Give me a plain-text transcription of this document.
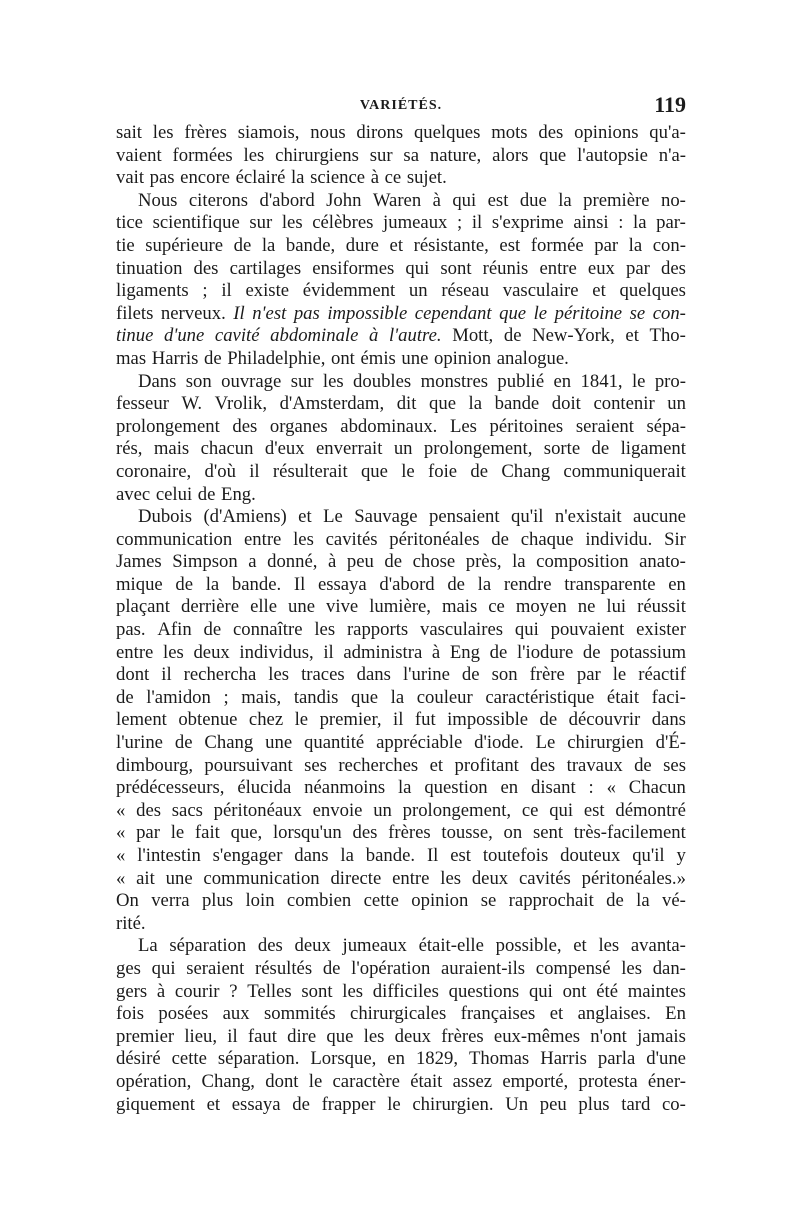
VARIÉTÉS.	119
sait les frères siamois, nous dirons quelques mots des opinions qu'a-
vaient formées les chirurgiens sur sa nature, alors que l'autopsie n'a-
vait pas encore éclairé la science à ce sujet.
Nous citerons d'abord John Waren à qui est due la première no-
tice scientifique sur les célèbres jumeaux ; il s'exprime ainsi : la par-
tie supérieure de la bande, dure et résistante, est formée par la con-
tinuation des cartilages ensiformes qui sont réunis entre eux par des
ligaments ; il existe évidemment un réseau vasculaire et quelques
filets nerveux. Il n'est pas impossible cependant que le péritoine se con-
tinue d'une cavité abdominale à l'autre. Mott, de New-York, et Tho-
mas Harris de Philadelphie, ont émis une opinion analogue.
Dans son ouvrage sur les doubles monstres publié en 1841, le pro-
fesseur W. Vrolik, d'Amsterdam, dit que la bande doit contenir un
prolongement des organes abdominaux. Les péritoines seraient sépa-
rés, mais chacun d'eux enverrait un prolongement, sorte de ligament
coronaire, d'où il résulterait que le foie de Chang communiquerait
avec celui de Eng.
Dubois (d'Amiens) et Le Sauvage pensaient qu'il n'existait aucune
communication entre les cavités péritonéales de chaque individu. Sir
James Simpson a donné, à peu de chose près, la composition anato-
mique de la bande. Il essaya d'abord de la rendre transparente en
plaçant derrière elle une vive lumière, mais ce moyen ne lui réussit
pas. Afin de connaître les rapports vasculaires qui pouvaient exister
entre les deux individus, il administra à Eng de l'iodure de potassium
dont il rechercha les traces dans l'urine de son frère par le réactif
de l'amidon ; mais, tandis que la couleur caractéristique était faci-
lement obtenue chez le premier, il fut impossible de découvrir dans
l'urine de Chang une quantité appréciable d'iode. Le chirurgien d'É-
dimbourg, poursuivant ses recherches et profitant des travaux de ses
prédécesseurs, élucida néanmoins la question en disant : « Chacun
« des sacs péritonéaux envoie un prolongement, ce qui est démontré
« par le fait que, lorsqu'un des frères tousse, on sent très-facilement
« l'intestin s'engager dans la bande. Il est toutefois douteux qu'il y
« ait une communication directe entre les deux cavités péritonéales.»
On verra plus loin combien cette opinion se rapprochait de la vé-
rité.
La séparation des deux jumeaux était-elle possible, et les avanta-
ges qui seraient résultés de l'opération auraient-ils compensé les dan-
gers à courir ? Telles sont les difficiles questions qui ont été maintes
fois posées aux sommités chirurgicales françaises et anglaises. En
premier lieu, il faut dire que les deux frères eux-mêmes n'ont jamais
désiré cette séparation. Lorsque, en 1829, Thomas Harris parla d'une
opération, Chang, dont le caractère était assez emporté, protesta éner-
giquement et essaya de frapper le chirurgien. Un peu plus tard co-
